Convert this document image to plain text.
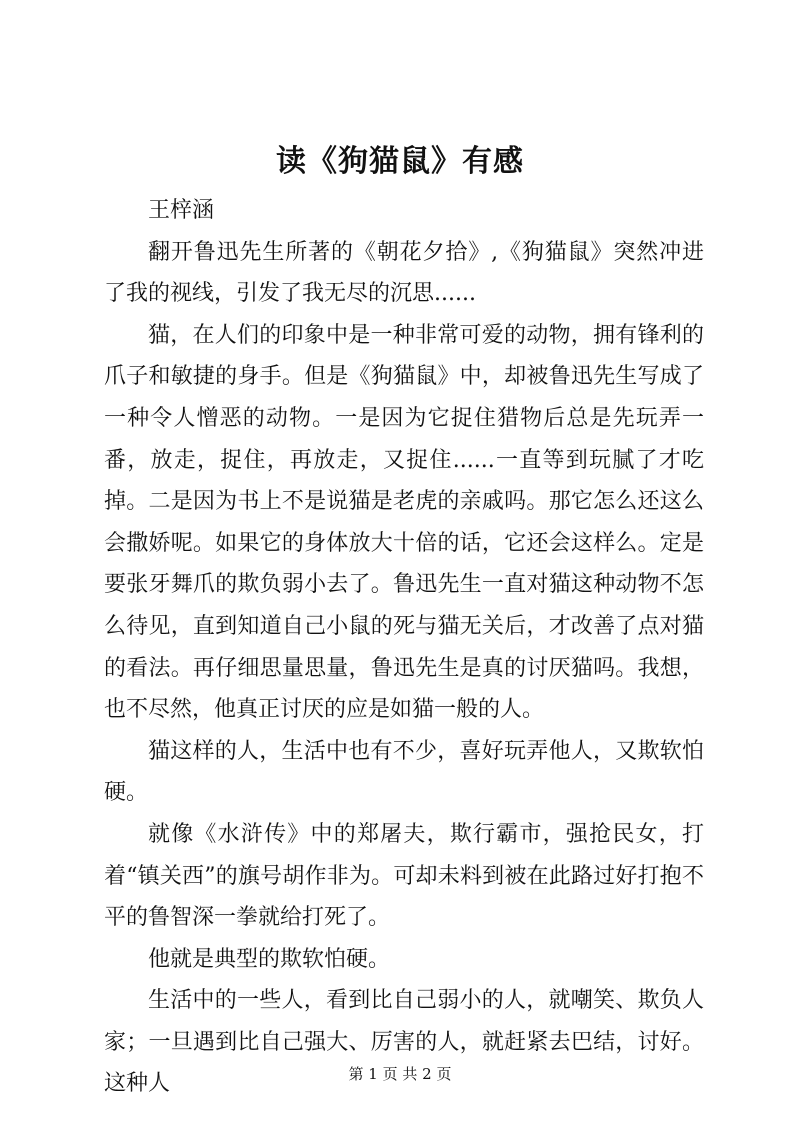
读《狗猫鼠》有感

王梓涵

翻开鲁迅先生所著的《朝花夕拾》,《狗猫鼠》突然冲进了我的视线，引发了我无尽的沉思......

猫，在人们的印象中是一种非常可爱的动物，拥有锋利的爪子和敏捷的身手。但是《狗猫鼠》中，却被鲁迅先生写成了一种令人憎恶的动物。一是因为它捉住猎物后总是先玩弄一番，放走，捉住，再放走，又捉住......一直等到玩腻了才吃掉。二是因为书上不是说猫是老虎的亲戚吗。那它怎么还这么会撒娇呢。如果它的身体放大十倍的话，它还会这样么。定是要张牙舞爪的欺负弱小去了。鲁迅先生一直对猫这种动物不怎么待见，直到知道自己小鼠的死与猫无关后，才改善了点对猫的看法。再仔细思量思量，鲁迅先生是真的讨厌猫吗。我想，也不尽然，他真正讨厌的应是如猫一般的人。

猫这样的人，生活中也有不少，喜好玩弄他人，又欺软怕硬。

就像《水浒传》中的郑屠夫，欺行霸市，强抢民女，打着“镇关西”的旗号胡作非为。可却未料到被在此路过好打抱不平的鲁智深一拳就给打死了。

他就是典型的欺软怕硬。

生活中的一些人，看到比自己弱小的人，就嘲笑、欺负人家；一旦遇到比自己强大、厉害的人，就赶紧去巴结，讨好。这种人	第 1 页 共 2 页
